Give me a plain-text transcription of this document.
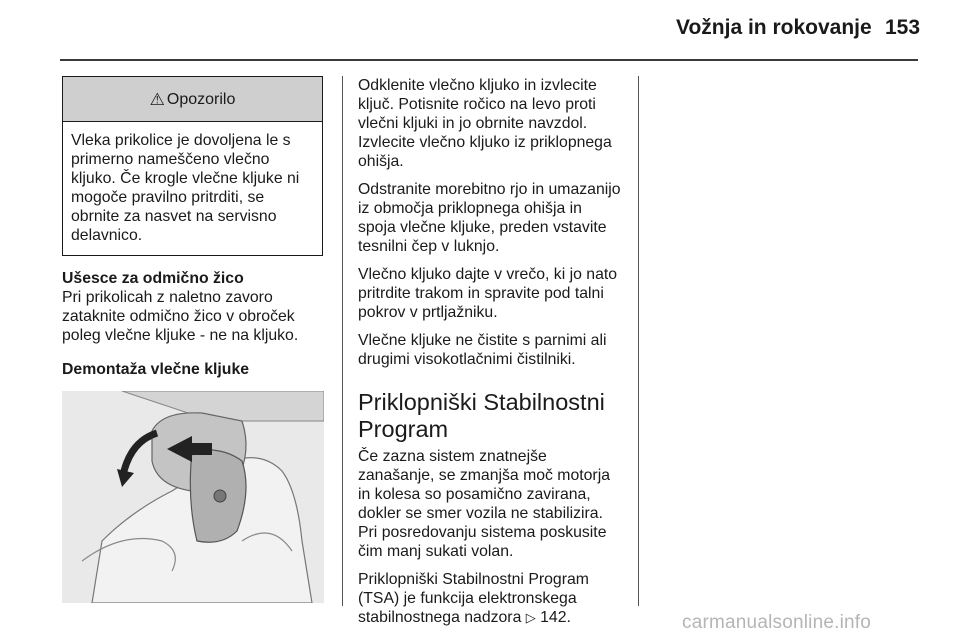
Vožnja in rokovanje 153
⚠ Opozorilo

Vleka prikolice je dovoljena le s

primerno nameščeno vlečno

kljuko. Če krogle vlečne kljuke ni

mogoče pravilno pritrditi, se

obrnite za nasvet na servisno

delavnico.

Ušesce za odmično žico

Pri prikolicah z naletno zavoro

zataknite odmično žico v obroček

poleg vlečne kljuke - ne na kljuko.

Demontaža vlečne kljuke

Odklenite vlečno kljuko in izvlecite

ključ. Potisnite ročico na levo proti

vlečni kljuki in jo obrnite navzdol.

Izvlecite vlečno kljuko iz priklopnega

ohišja.

Odstranite morebitno rjo in umazanijo

iz območja priklopnega ohišja in

spoja vlečne kljuke, preden vstavite

tesnilni čep v luknjo.

Vlečno kljuko dajte v vrečo, ki jo nato

pritrdite trakom in spravite pod talni

pokrov v prtljažniku.

Vlečne kljuke ne čistite s parnimi ali

drugimi visokotlačnimi čistilniki.

Priklopniški Stabilnostni

Program

Če zazna sistem znatnejše

zanašanje, se zmanjša moč motorja

in kolesa so posamično zavirana,

dokler se smer vozila ne stabilizira.

Pri posredovanju sistema poskusite

čim manj sukati volan.

Priklopniški Stabilnostni Program

(TSA) je funkcija elektronskega

stabilnostnega nadzora ▷ 142.	carmanualsonline.info
